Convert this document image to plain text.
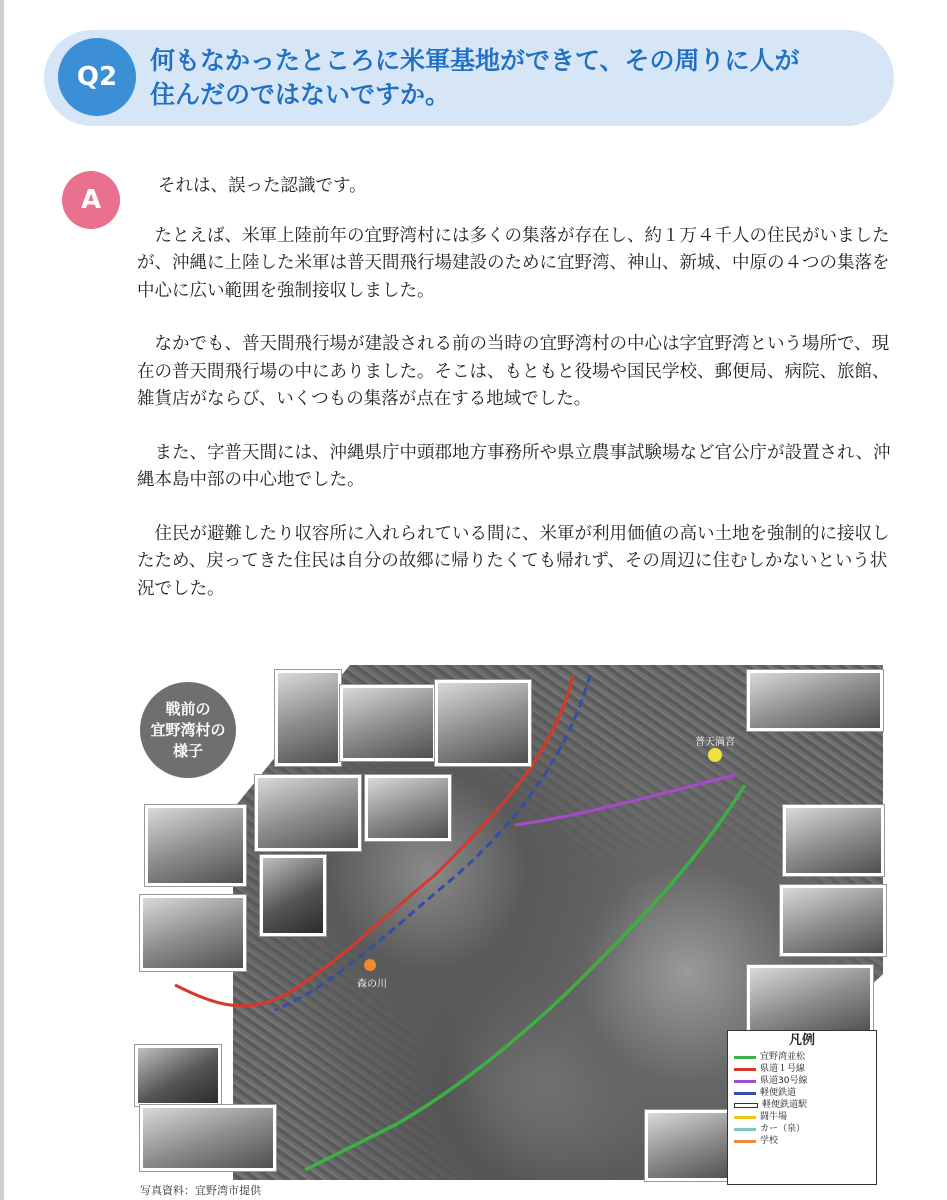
Q2
何もなかったところに米軍基地ができて、その周りに人が
住んだのではないですか。
A	それは、誤った認識です。

たとえば、米軍上陸前年の宜野湾村には多くの集落が存在し、約１万４千人の住民がいましたが、沖縄に上陸した米軍は普天間飛行場建設のために宜野湾、神山、新城、中原の４つの集落を中心に広い範囲を強制接収しました。

なかでも、普天間飛行場が建設される前の当時の宜野湾村の中心は字宜野湾という場所で、現在の普天間飛行場の中にありました。そこは、もともと役場や国民学校、郵便局、病院、旅館、雑貨店がならび、いくつもの集落が点在する地域でした。

また、字普天間には、沖縄県庁中頭郡地方事務所や県立農事試験場など官公庁が設置され、沖縄本島中部の中心地でした。

住民が避難したり収容所に入れられている間に、米軍が利用価値の高い土地を強制的に接収したため、戻ってきた住民は自分の故郷に帰りたくても帰れず、その周辺に住むしかないという状況でした。

普天満宮
森の川
凡例
宜野湾並松
県道１号線
県道30号線
軽便鉄道
軽便鉄道駅
闘牛場
カー（泉）
学校
戦前の
宜野湾村の
様子
写真資料：宜野湾市提供
